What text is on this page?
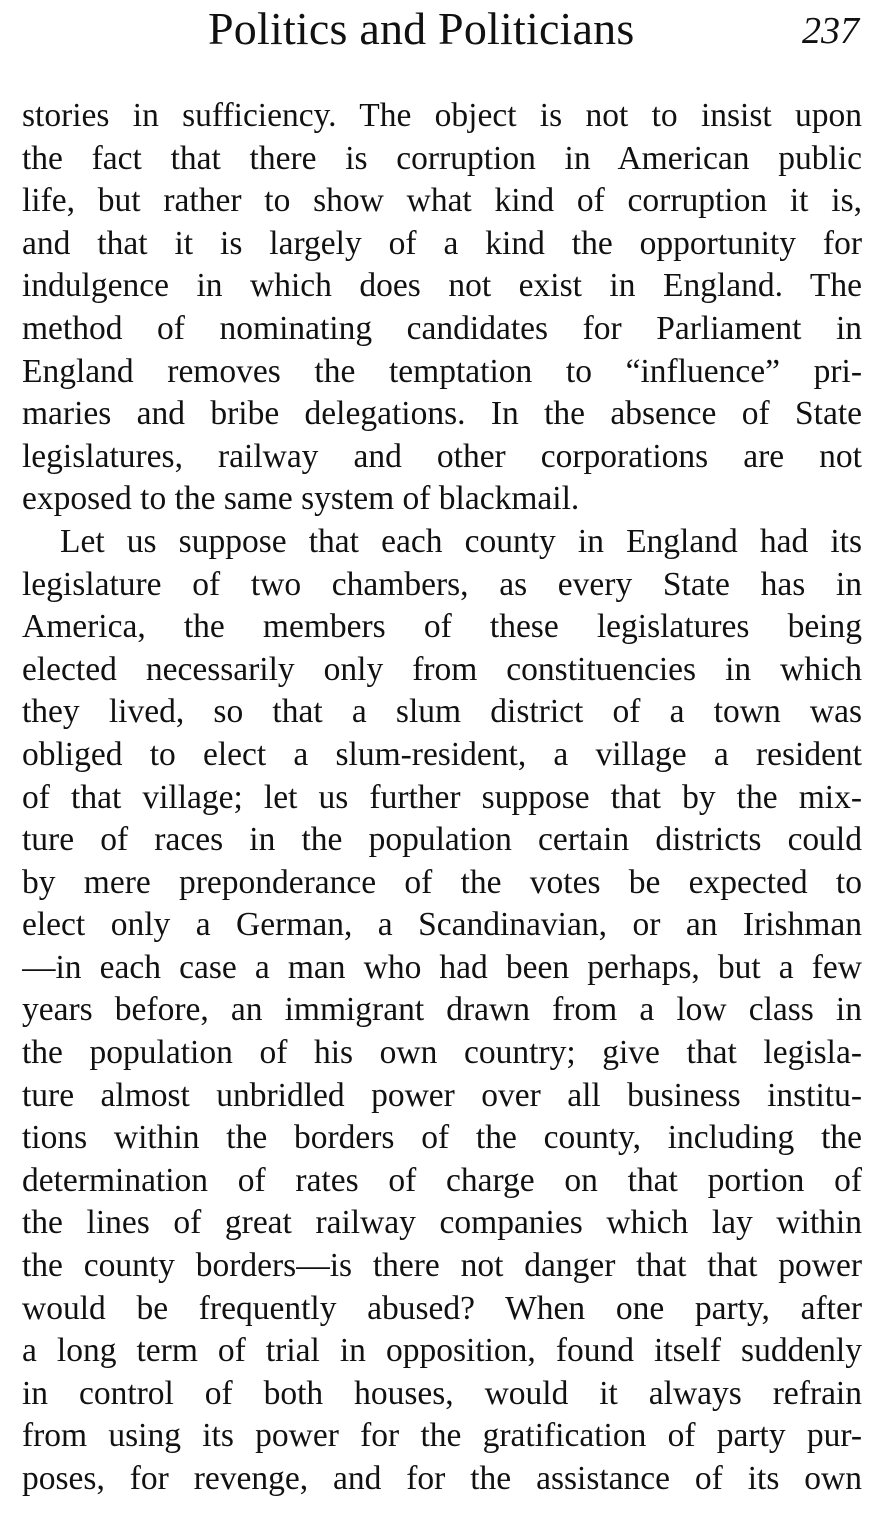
Politics and Politicians	237
stories in sufficiency. The object is not to insist upon
the fact that there is corruption in American public
life, but rather to show what kind of corruption it is,
and that it is largely of a kind the opportunity for
indulgence in which does not exist in England. The
method of nominating candidates for Parliament in
England removes the temptation to “influence” pri-
maries and bribe delegations. In the absence of State
legislatures, railway and other corporations are not
exposed to the same system of blackmail.
Let us suppose that each county in England had its
legislature of two chambers, as every State has in
America, the members of these legislatures being
elected necessarily only from constituencies in which
they lived, so that a slum district of a town was
obliged to elect a slum-resident, a village a resident
of that village; let us further suppose that by the mix-
ture of races in the population certain districts could
by mere preponderance of the votes be expected to
elect only a German, a Scandinavian, or an Irishman
—in each case a man who had been perhaps, but a few
years before, an immigrant drawn from a low class in
the population of his own country; give that legisla-
ture almost unbridled power over all business institu-
tions within the borders of the county, including the
determination of rates of charge on that portion of
the lines of great railway companies which lay within
the county borders—is there not danger that that power
would be frequently abused? When one party, after
a long term of trial in opposition, found itself suddenly
in control of both houses, would it always refrain
from using its power for the gratification of party pur-
poses, for revenge, and for the assistance of its own
